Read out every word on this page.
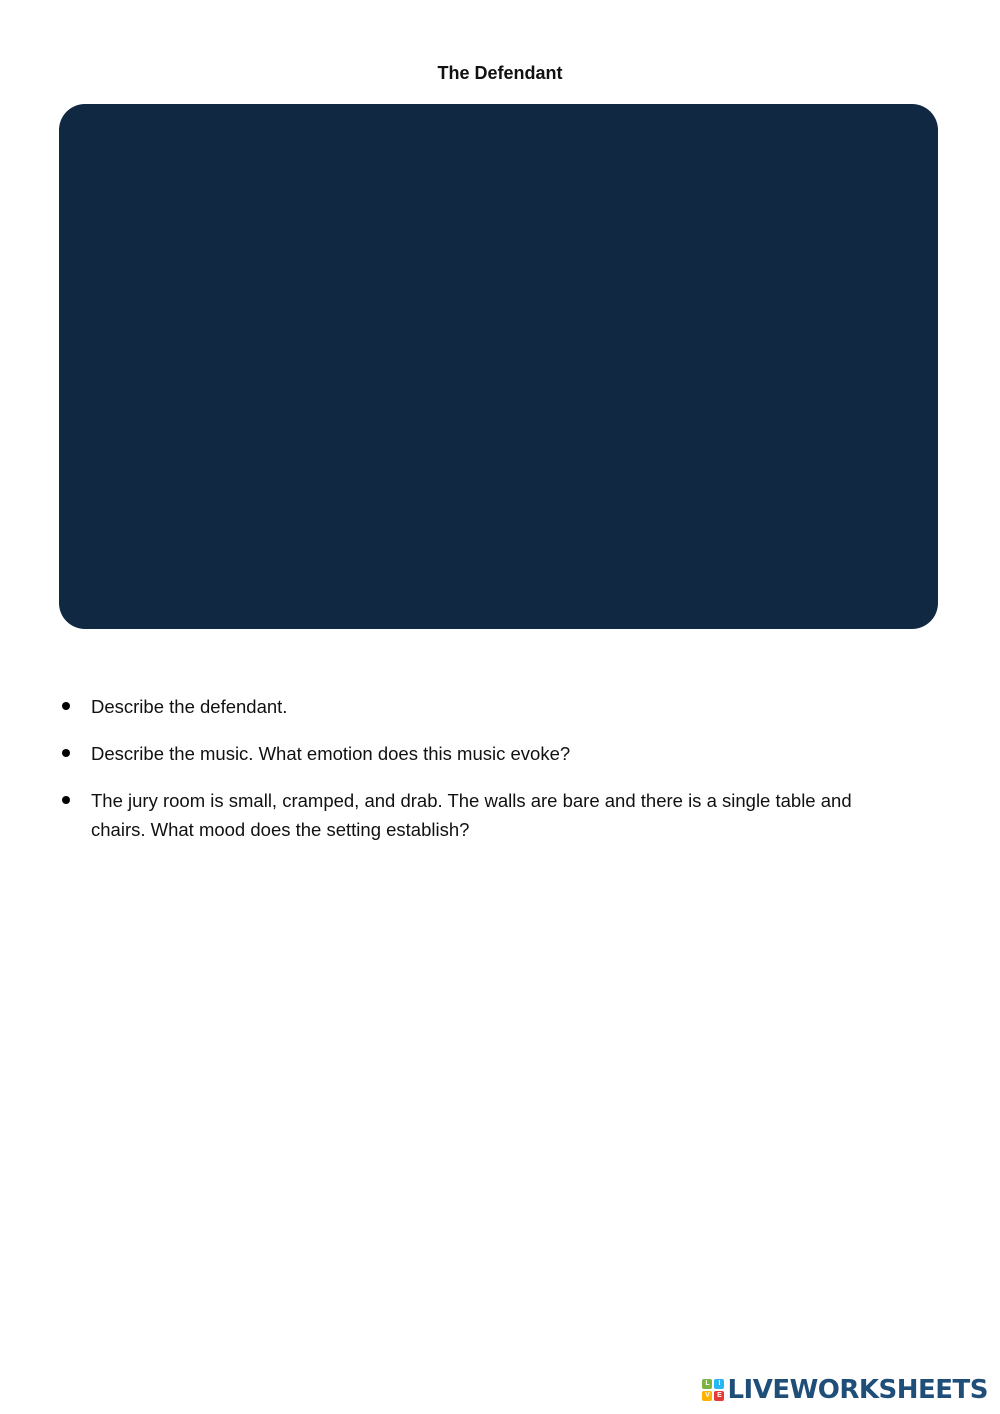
The Defendant
Describe the defendant.
Describe the music. What emotion does this music evoke?
The jury room is small, cramped, and drab. The walls are bare and there is a single table and chairs. What mood does the setting establish?
L	I
V	E LIVEWORKSHEETS
